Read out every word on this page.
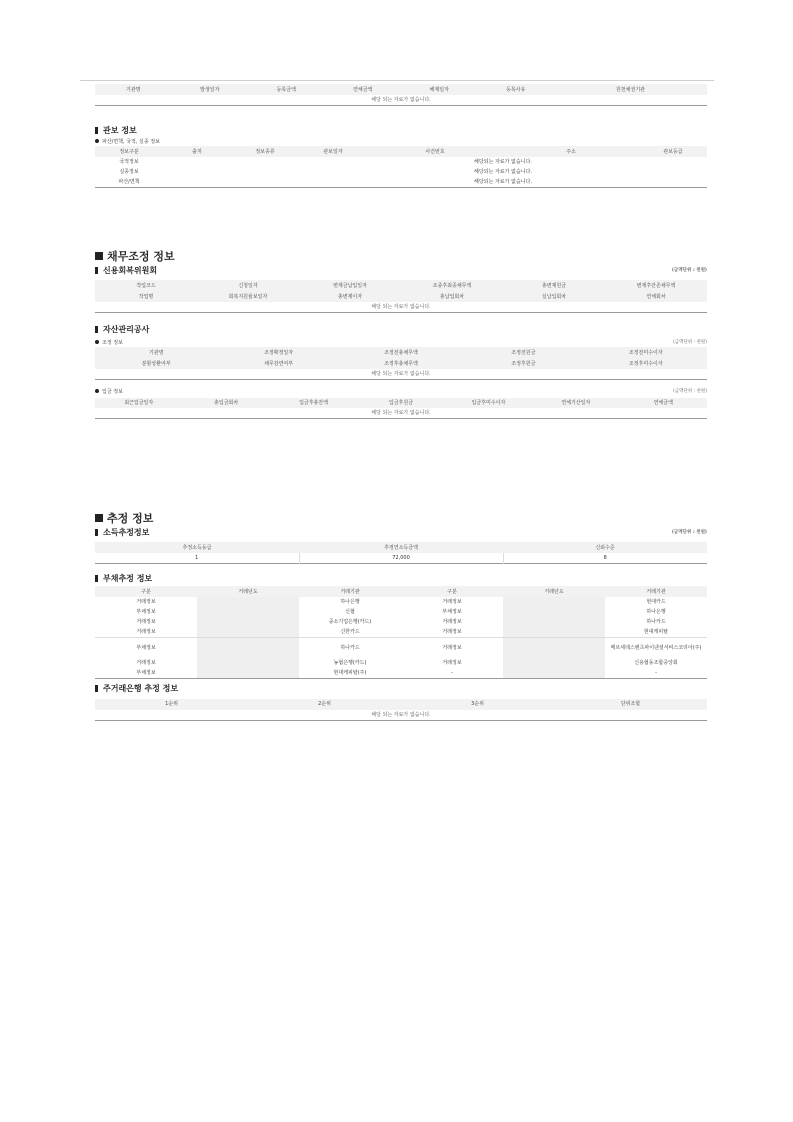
기관명	발생일자	등록금액	연체금액	해제일자	등록사유	원천채권기관
해당 되는 자료가 없습니다.
관보 정보
파산/면책, 국적, 실종 정보
정보구분	출처	정보종류	관보일자	사건번호	주소	관보등급
국적정보				해당되는 자료가 없습니다.		
실종정보				해당되는 자료가 없습니다.		
파산/면책				해당되는 자료가 없습니다.		
채무조정 정보
신용회복위원회	(금액단위 : 천원)
작업코드	신청일자	변제금납입일자	조종후최종채무액	총변제원금	변제후잔존채무액
작업명	회복지원율보일자	총변제이자	총납입회차	실납입회차	연체회차
해당 되는 자료가 없습니다.					
자산관리공사
조정 정보	(금액단위 : 천원)
기관명	조정확정일자	조정전총채무액	조정전원금	조정전미수이자
분할상환여부	채무감면여부	조정후총채무액	조정후원금	조정후미수이자
해당 되는 자료가 없습니다.				
입금 정보	(금액단위 : 천원)
최근입금일자	총입금회차	입금후총잔액	입금후원금	입금후미수이자	연체기산일자	연체금액
해당 되는 자료가 없습니다.
추정 정보
소득추정정보	(금액단위 : 천원)
추정소득등급	추정연소득금액	신뢰수준
1	72,000	8
부채추정 정보
구분	거래년도	거래기관	구분	거래년도	거래기관
거래정보		하나은행	거래정보		현대카드
부채정보		신협	부채정보		하나은행
거래정보		중소기업은행(카드)	거래정보		하나카드
거래정보		신한카드	거래정보		현대캐피탈
부채정보		하나카드	거래정보		메르세데스벤츠파이낸셜서비스코리아(주)
거래정보		농협은행(카드)	거래정보		신용협동조합중앙회
부채정보		현대캐피탈(주)	-		-
주거래은행 추정 정보
1순위	2순위	3순위	단위조합
해당 되는 자료가 없습니다.
